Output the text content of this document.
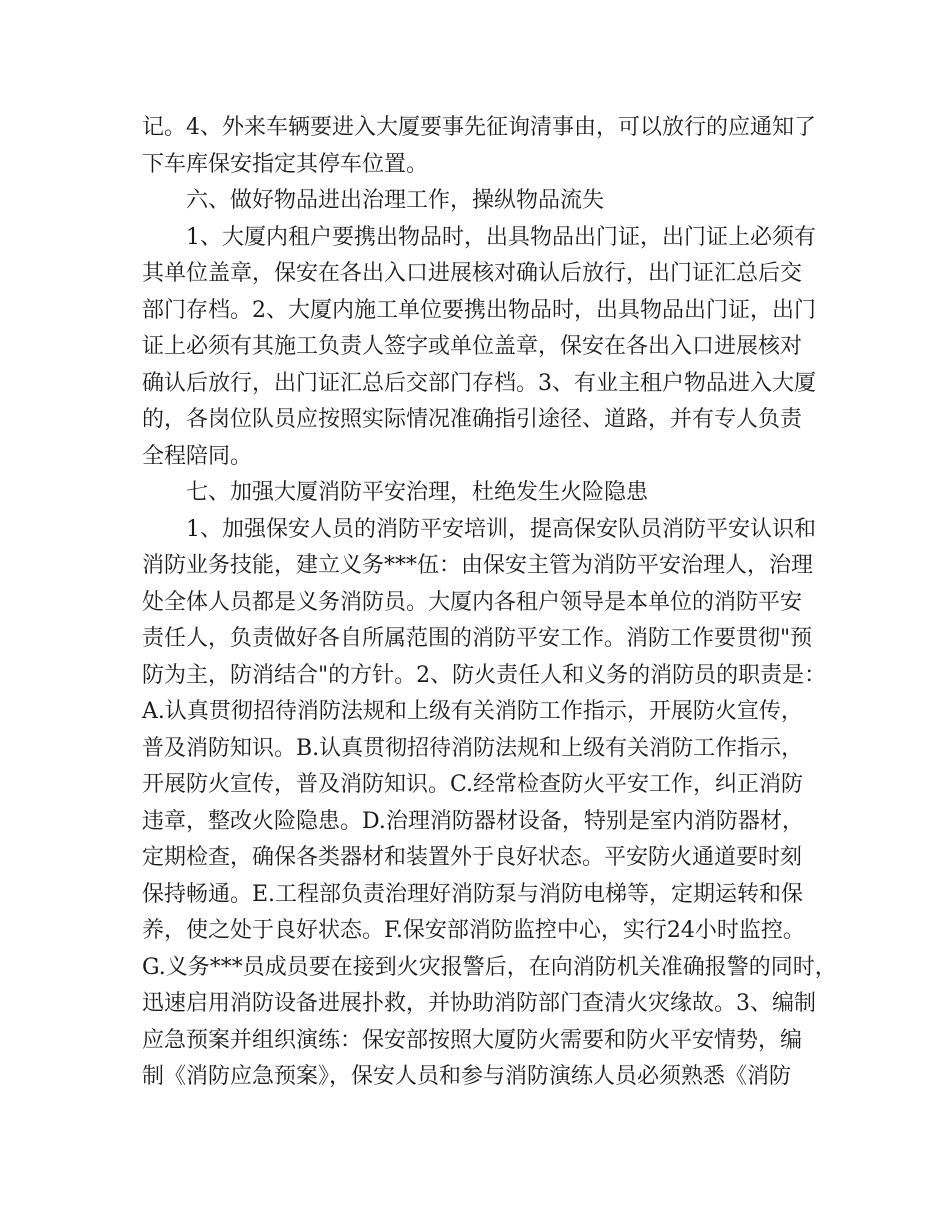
记。4、外来车辆要进入大厦要事先征询清事由，可以放行的应通知了
下车库保安指定其停车位置。
六、做好物品进出治理工作，操纵物品流失
1、大厦内租户要携出物品时，出具物品出门证，出门证上必须有
其单位盖章，保安在各出入口进展核对确认后放行，出门证汇总后交
部门存档。2、大厦内施工单位要携出物品时，出具物品出门证，出门
证上必须有其施工负责人签字或单位盖章，保安在各出入口进展核对
确认后放行，出门证汇总后交部门存档。3、有业主租户物品进入大厦
的，各岗位队员应按照实际情况准确指引途径、道路，并有专人负责
全程陪同。
七、加强大厦消防平安治理，杜绝发生火险隐患
1、加强保安人员的消防平安培训，提高保安队员消防平安认识和
消防业务技能，建立义务***伍：由保安主管为消防平安治理人，治理
处全体人员都是义务消防员。大厦内各租户领导是本单位的消防平安
责任人，负责做好各自所属范围的消防平安工作。消防工作要贯彻"预
防为主，防消结合"的方针。2、防火责任人和义务的消防员的职责是：
A.认真贯彻招待消防法规和上级有关消防工作指示，开展防火宣传，
普及消防知识。B.认真贯彻招待消防法规和上级有关消防工作指示，
开展防火宣传，普及消防知识。C.经常检查防火平安工作，纠正消防
违章，整改火险隐患。D.治理消防器材设备，特别是室内消防器材，
定期检查，确保各类器材和装置外于良好状态。平安防火通道要时刻
保持畅通。E.工程部负责治理好消防泵与消防电梯等，定期运转和保
养，使之处于良好状态。F.保安部消防监控中心，实行24小时监控。
G.义务***员成员要在接到火灾报警后，在向消防机关准确报警的同时，
迅速启用消防设备进展扑救，并协助消防部门查清火灾缘故。3、编制
应急预案并组织演练：保安部按照大厦防火需要和防火平安情势，编
制《消防应急预案》，保安人员和参与消防演练人员必须熟悉《消防
